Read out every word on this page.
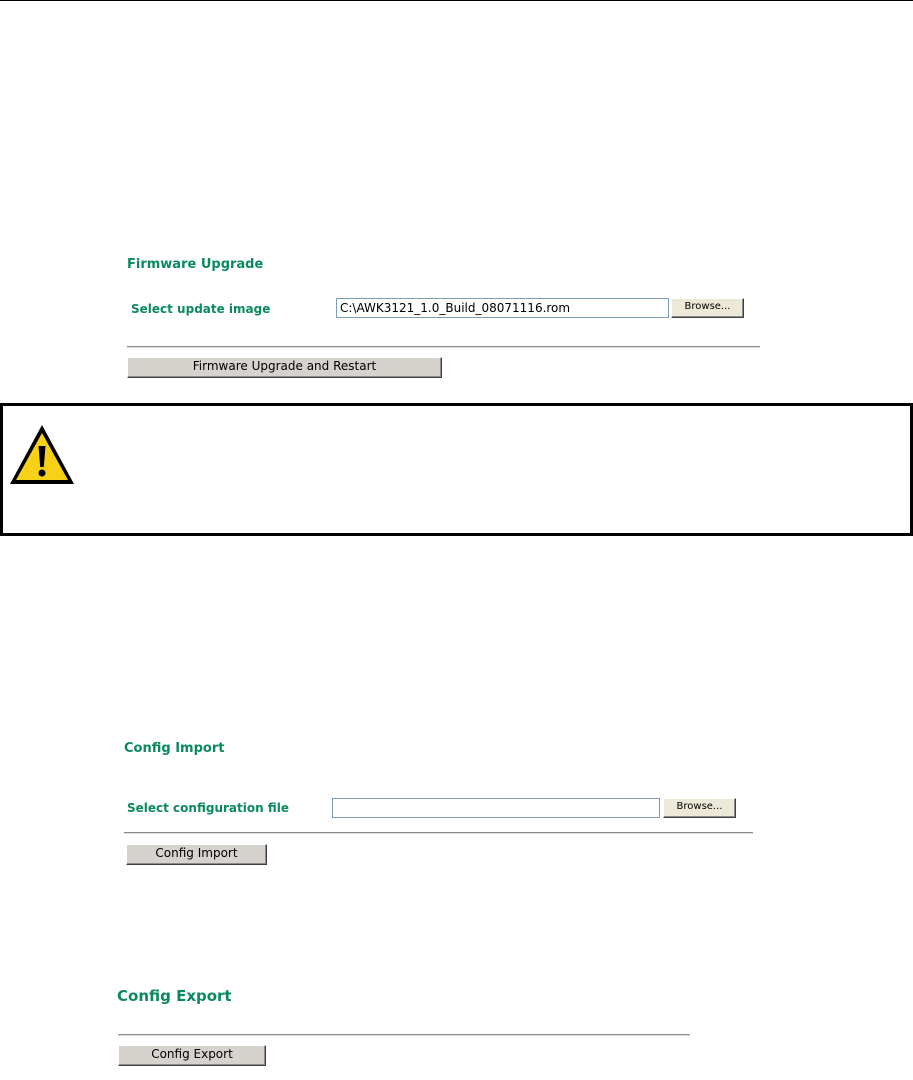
Firmware Upgrade
Select update image	C:\AWK3121_1.0_Build_08071116.rom	Browse...
Firmware Upgrade and Restart
Config Import
Select configuration file	Browse...
Config Import
Config Export
Config Export
